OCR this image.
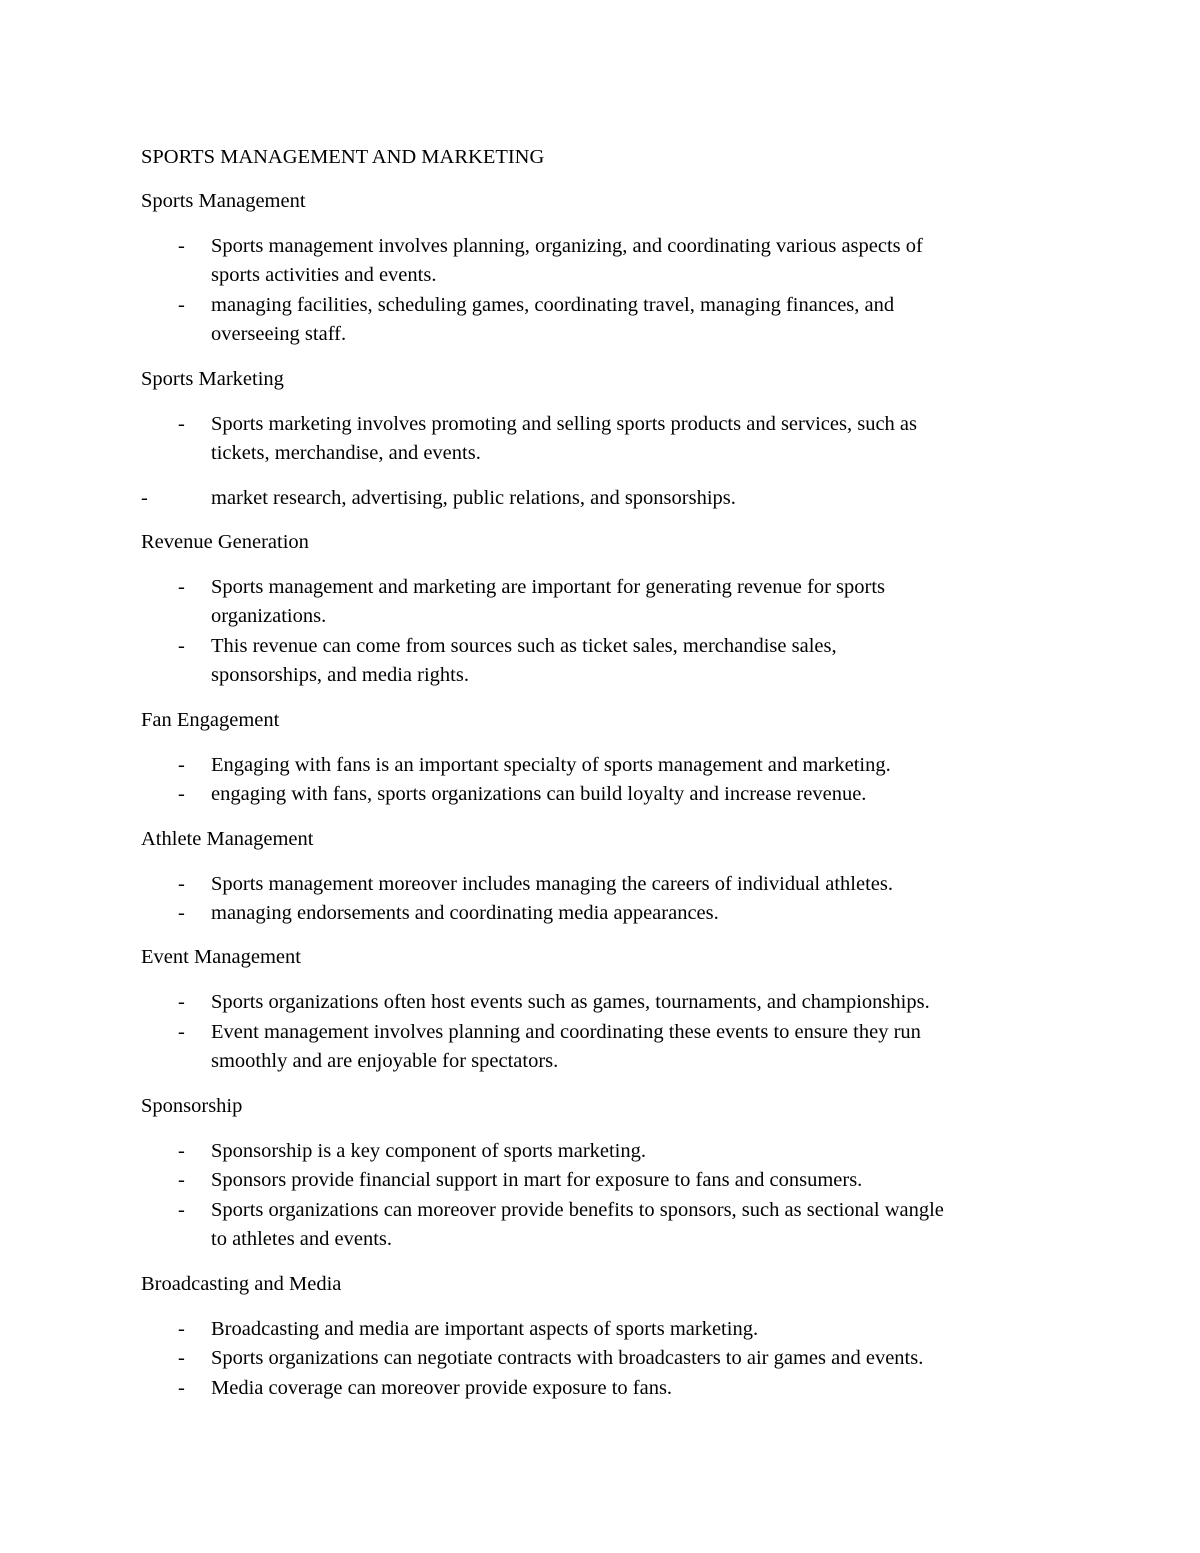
SPORTS MANAGEMENT AND MARKETING
Sports Management
- Sports management involves planning, organizing, and coordinating various aspects of
sports activities and events.
- managing facilities, scheduling games, coordinating travel, managing finances, and
overseeing staff.
Sports Marketing
- Sports marketing involves promoting and selling sports products and services, such as
tickets, merchandise, and events.
-	market research, advertising, public relations, and sponsorships.
Revenue Generation
- Sports management and marketing are important for generating revenue for sports
organizations.
- This revenue can come from sources such as ticket sales, merchandise sales,
sponsorships, and media rights.
Fan Engagement
- Engaging with fans is an important specialty of sports management and marketing.
- engaging with fans, sports organizations can build loyalty and increase revenue.
Athlete Management
- Sports management moreover includes managing the careers of individual athletes.
- managing endorsements and coordinating media appearances.
Event Management
- Sports organizations often host events such as games, tournaments, and championships.
- Event management involves planning and coordinating these events to ensure they run
smoothly and are enjoyable for spectators.
Sponsorship
- Sponsorship is a key component of sports marketing.
- Sponsors provide financial support in mart for exposure to fans and consumers.
- Sports organizations can moreover provide benefits to sponsors, such as sectional wangle
to athletes and events.
Broadcasting and Media
- Broadcasting and media are important aspects of sports marketing.
- Sports organizations can negotiate contracts with broadcasters to air games and events.
- Media coverage can moreover provide exposure to fans.
